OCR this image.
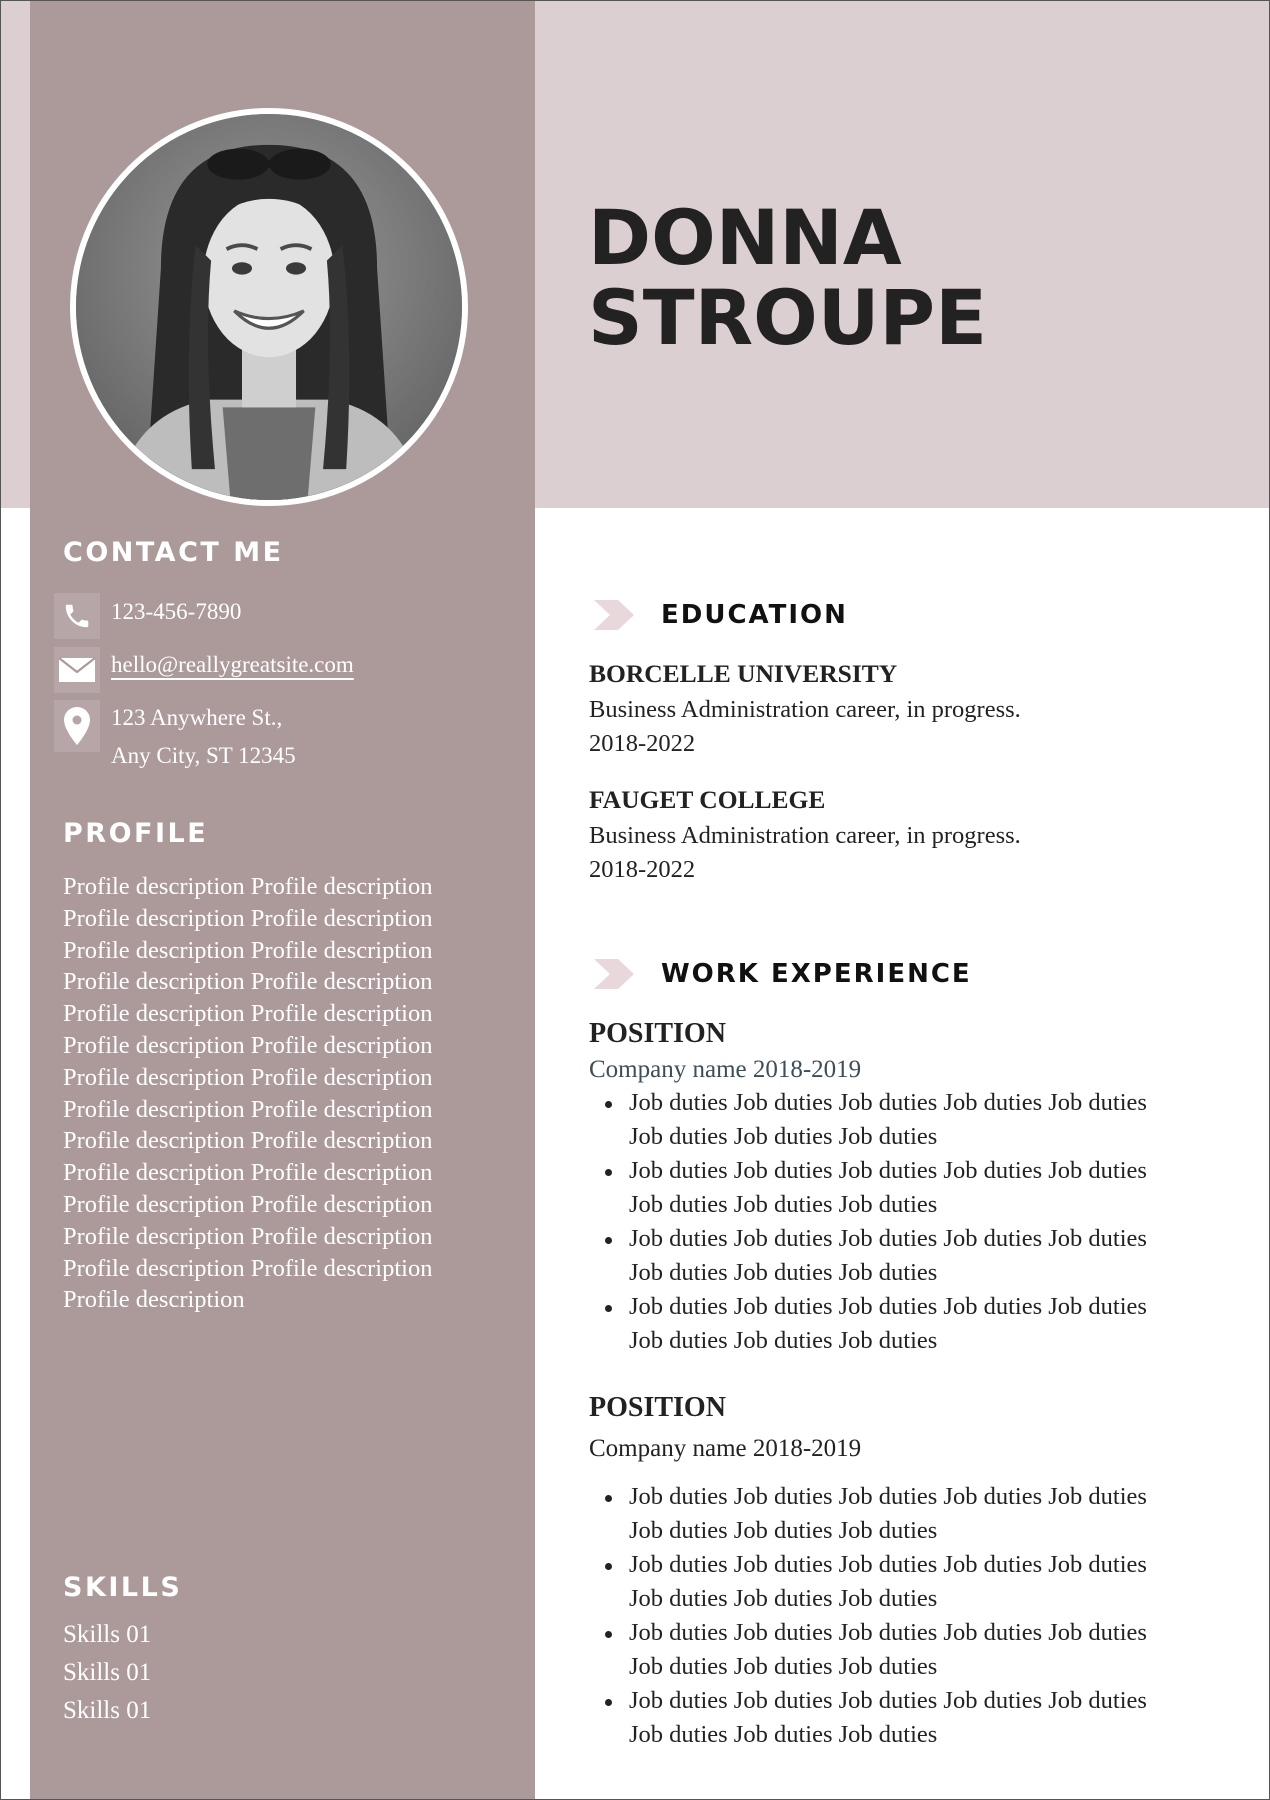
CONTACT ME
123-456-7890
hello@reallygreatsite.com
123 Anywhere St.,
Any City, ST 12345
PROFILE

Profile description Profile description Profile description Profile description Profile description Profile description Profile description Profile description Profile description Profile description Profile description Profile description Profile description Profile description Profile description Profile description Profile description Profile description Profile description Profile description Profile description Profile description Profile description Profile description Profile description Profile description Profile description

SKILLS
Skills 01
Skills 01
Skills 01
DONNA
STROUPE
EDUCATION
BORCELLE UNIVERSITY
Business Administration career, in progress.
2018-2022
FAUGET COLLEGE
Business Administration career, in progress.
2018-2022
WORK EXPERIENCE
POSITION
Company name 2018-2019
Job duties Job duties Job duties Job duties Job duties Job duties Job duties Job duties
Job duties Job duties Job duties Job duties Job duties Job duties Job duties Job duties
Job duties Job duties Job duties Job duties Job duties Job duties Job duties Job duties
Job duties Job duties Job duties Job duties Job duties Job duties Job duties Job duties
POSITION
Company name 2018-2019
Job duties Job duties Job duties Job duties Job duties Job duties Job duties Job duties
Job duties Job duties Job duties Job duties Job duties Job duties Job duties Job duties
Job duties Job duties Job duties Job duties Job duties Job duties Job duties Job duties
Job duties Job duties Job duties Job duties Job duties Job duties Job duties Job duties
